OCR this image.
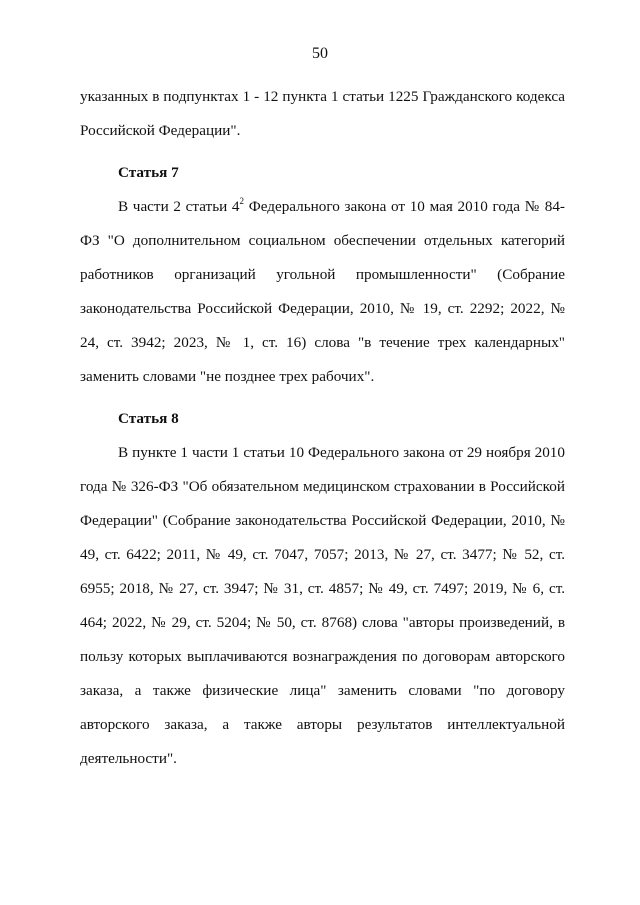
50

указанных в подпунктах 1 - 12 пункта 1 статьи 1225 Гражданского кодекса Российской Федерации".

Статья 7

В части 2 статьи $4^2$ Федерального закона от 10 мая 2010 года № 84-ФЗ "О дополнительном социальном обеспечении отдельных категорий работников организаций угольной промышленности" (Собрание законодательства Российской Федерации, 2010, № 19, ст. 2292; 2022, № 24, ст. 3942; 2023, № 1, ст. 16) слова "в течение трех календарных" заменить словами "не позднее трех рабочих".

Статья 8

В пункте 1 части 1 статьи 10 Федерального закона от 29 ноября 2010 года № 326-ФЗ "Об обязательном медицинском страховании в Российской Федерации" (Собрание законодательства Российской Федерации, 2010, № 49, ст. 6422; 2011, № 49, ст. 7047, 7057; 2013, № 27, ст. 3477; № 52, ст. 6955; 2018, № 27, ст. 3947; № 31, ст. 4857; № 49, ст. 7497; 2019, № 6, ст. 464; 2022, № 29, ст. 5204; № 50, ст. 8768) слова "авторы произведений, в пользу которых выплачиваются вознаграждения по договорам авторского заказа, а также физические лица" заменить словами "по договору авторского заказа, а также авторы результатов интеллектуальной деятельности".
